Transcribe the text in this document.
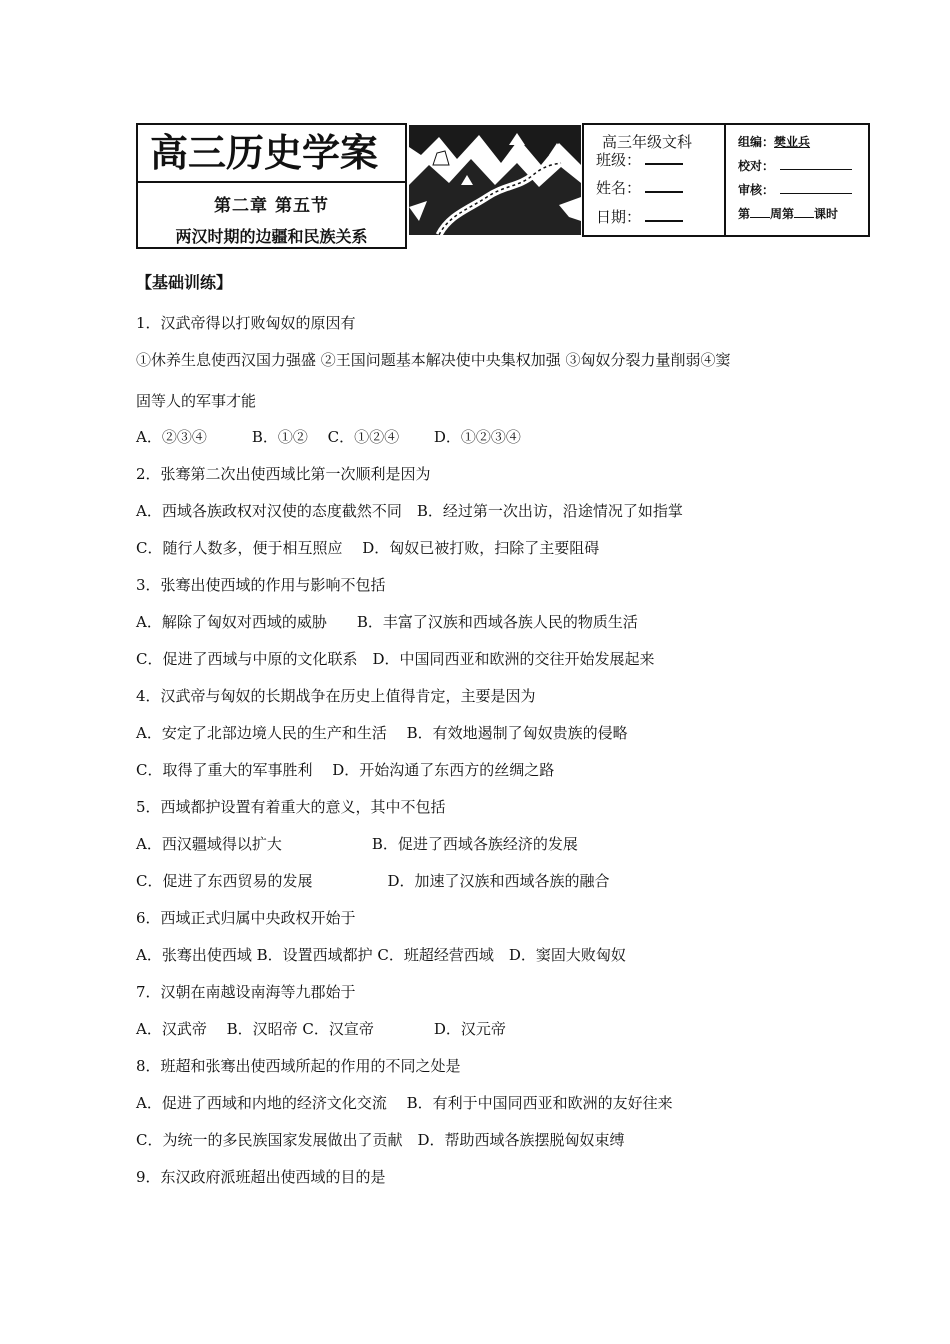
高三历史学案
第二章 第五节
两汉时期的边疆和民族关系
高三年级文科
班级：
姓名：
日期：
组编：樊业兵
校对：
审核：
第 周第 课时
【基础训练】
1．汉武帝得以打败匈奴的原因有
①休养生息使西汉国力强盛 ②王国问题基本解决使中央集权加强 ③匈奴分裂力量削弱④窦
固等人的军事才能
A．②③④　　　B．①②　 C．①②④　　 D．①②③④
2．张骞第二次出使西域比第一次顺利是因为
A．西域各族政权对汉使的态度截然不同　B．经过第一次出访，沿途情况了如指掌
C．随行人数多，便于相互照应　 D．匈奴已被打败，扫除了主要阻碍
3．张骞出使西域的作用与影响不包括
A．解除了匈奴对西域的威胁　　B．丰富了汉族和西域各族人民的物质生活
C．促进了西域与中原的文化联系　D．中国同西亚和欧洲的交往开始发展起来
4．汉武帝与匈奴的长期战争在历史上值得肯定，主要是因为
A．安定了北部边境人民的生产和生活　 B．有效地遏制了匈奴贵族的侵略
C．取得了重大的军事胜利　 D．开始沟通了东西方的丝绸之路
5．西域都护设置有着重大的意义，其中不包括
A．西汉疆域得以扩大　　　　　　B．促进了西域各族经济的发展
C．促进了东西贸易的发展　　　　　D．加速了汉族和西域各族的融合
6．西域正式归属中央政权开始于
A．张骞出使西域 B．设置西域都护 C．班超经营西域　D．窦固大败匈奴
7．汉朝在南越设南海等九郡始于
A．汉武帝　 B．汉昭帝 C．汉宣帝　　　　D．汉元帝
8．班超和张骞出使西域所起的作用的不同之处是
A．促进了西域和内地的经济文化交流　 B．有利于中国同西亚和欧洲的友好往来
C．为统一的多民族国家发展做出了贡献　D．帮助西域各族摆脱匈奴束缚
9．东汉政府派班超出使西域的目的是
